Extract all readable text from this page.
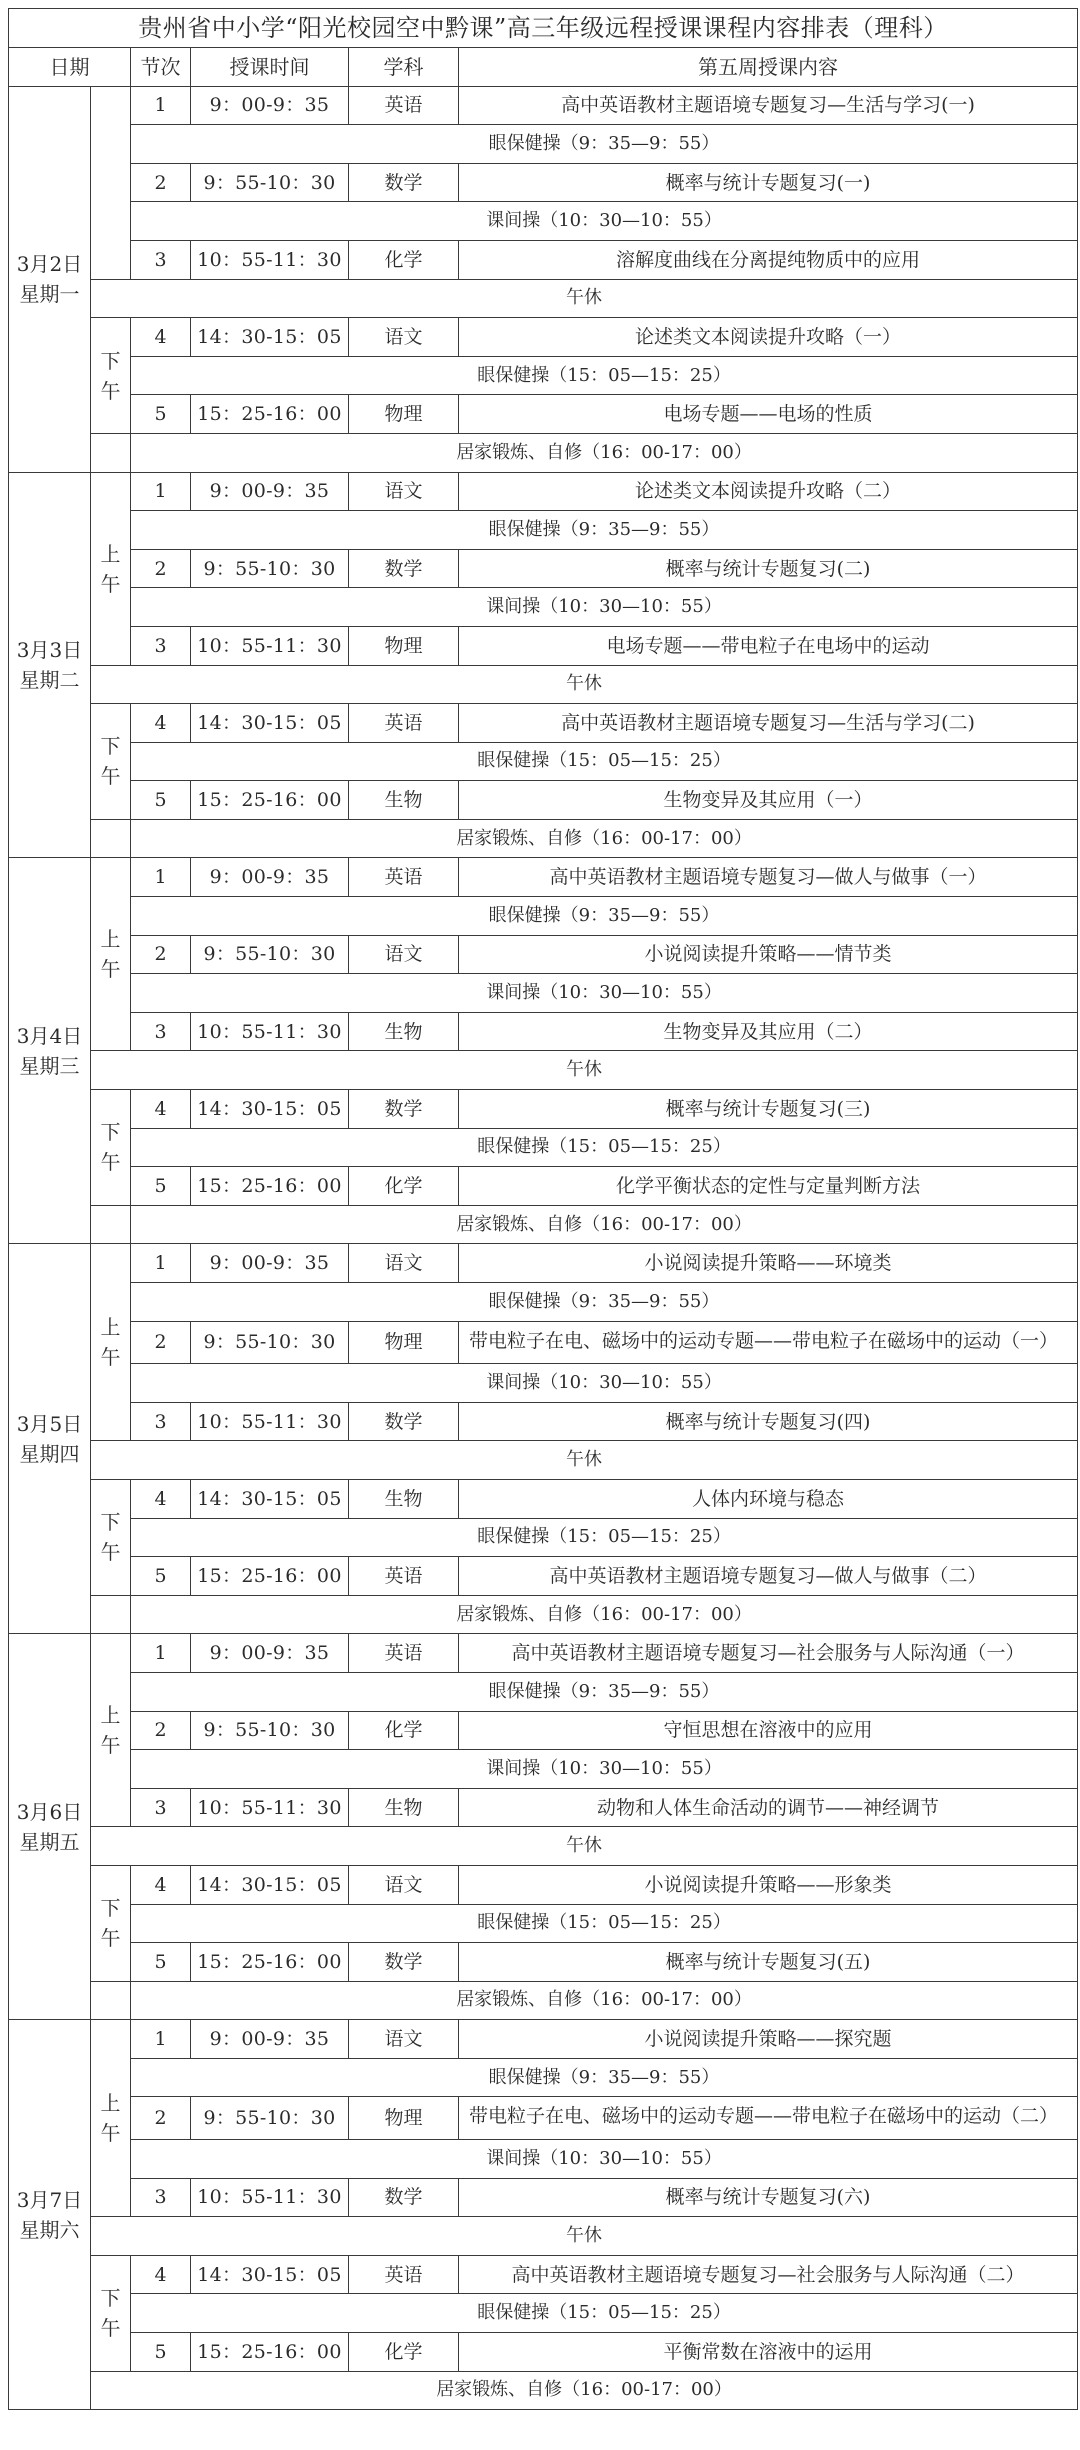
贵州省中小学“阳光校园空中黔课”高三年级远程授课课程内容排表（理科）					
日期		节次	授课时间	学科	第五周授课内容

3月2日
星期一		1	9：00-9：35	英语	高中英语教材主题语境专题复习—生活与学习(一)
		眼保健操（9：35—9：55）			
		2	9：55-10：30	数学	概率与统计专题复习(一)
		课间操（10：30—10：55）			
		3	10：55-11：30	化学	溶解度曲线在分离提纯物质中的应用
	午休				
	下午	4	14：30-15：05	语文	论述类文本阅读提升攻略（一）
		眼保健操（15：05—15：25）			
		5	15：25-16：00	物理	电场专题——电场的性质
		居家锻炼、自修（16：00-17：00）			

3月3日
星期二	上午	1	9：00-9：35	语文	论述类文本阅读提升攻略（二）
		眼保健操（9：35—9：55）			
		2	9：55-10：30	数学	概率与统计专题复习(二)
		课间操（10：30—10：55）			
		3	10：55-11：30	物理	电场专题——带电粒子在电场中的运动
	午休				
	下午	4	14：30-15：05	英语	高中英语教材主题语境专题复习—生活与学习(二)
		眼保健操（15：05—15：25）			
		5	15：25-16：00	生物	生物变异及其应用（一）
		居家锻炼、自修（16：00-17：00）			

3月4日
星期三	上午	1	9：00-9：35	英语	高中英语教材主题语境专题复习—做人与做事（一）
		眼保健操（9：35—9：55）			
		2	9：55-10：30	语文	小说阅读提升策略——情节类
		课间操（10：30—10：55）			
		3	10：55-11：30	生物	生物变异及其应用（二）
	午休				
	下午	4	14：30-15：05	数学	概率与统计专题复习(三)
		眼保健操（15：05—15：25）			
		5	15：25-16：00	化学	化学平衡状态的定性与定量判断方法
		居家锻炼、自修（16：00-17：00）			

3月5日
星期四	上午	1	9：00-9：35	语文	小说阅读提升策略——环境类
		眼保健操（9：35—9：55）			
		2	9：55-10：30	物理	带电粒子在电、磁场中的运动专题——带电粒子在磁场中的运动（一）

		课间操（10：30—10：55）			
		3	10：55-11：30	数学	概率与统计专题复习(四)
	午休				
	下午	4	14：30-15：05	生物	人体内环境与稳态
		眼保健操（15：05—15：25）			
		5	15：25-16：00	英语	高中英语教材主题语境专题复习—做人与做事（二）
		居家锻炼、自修（16：00-17：00）			

3月6日
星期五	上午	1	9：00-9：35	英语	高中英语教材主题语境专题复习—社会服务与人际沟通（一）
		眼保健操（9：35—9：55）			
		2	9：55-10：30	化学	守恒思想在溶液中的应用
		课间操（10：30—10：55）			
		3	10：55-11：30	生物	动物和人体生命活动的调节——神经调节
	午休				
	下午	4	14：30-15：05	语文	小说阅读提升策略——形象类
		眼保健操（15：05—15：25）			
		5	15：25-16：00	数学	概率与统计专题复习(五)
		居家锻炼、自修（16：00-17：00）			

3月7日
星期六	上午	1	9：00-9：35	语文	小说阅读提升策略——探究题
		眼保健操（9：35—9：55）			
		2	9：55-10：30	物理	带电粒子在电、磁场中的运动专题——带电粒子在磁场中的运动（二）

		课间操（10：30—10：55）			
		3	10：55-11：30	数学	概率与统计专题复习(六)
	午休				
	下午	4	14：30-15：05	英语	高中英语教材主题语境专题复习—社会服务与人际沟通（二）
		眼保健操（15：05—15：25）			
		5	15：25-16：00	化学	平衡常数在溶液中的运用
	居家锻炼、自修（16：00-17：00）				
